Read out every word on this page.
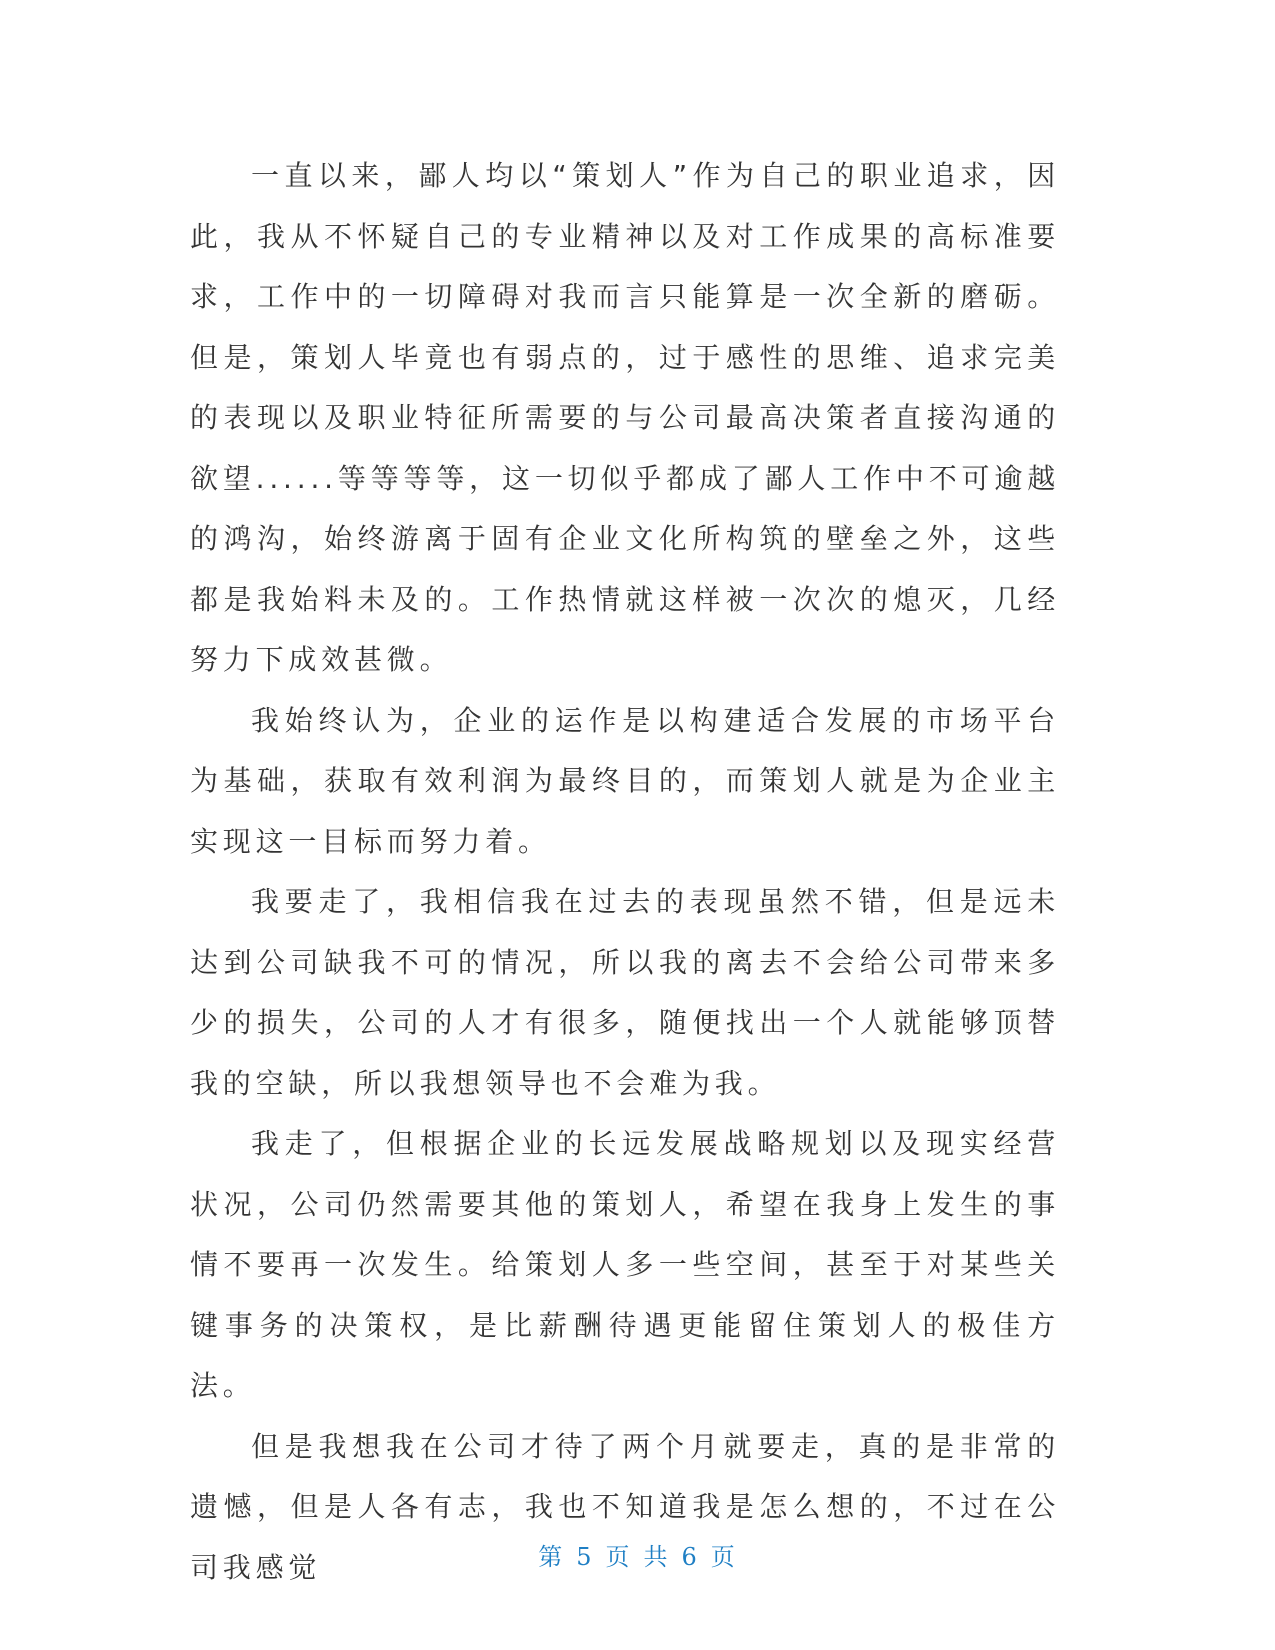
一直以来，鄙人均以“策划人”作为自己的职业追求，因此，我从不怀疑自己的专业精神以及对工作成果的高标准要求，工作中的一切障碍对我而言只能算是一次全新的磨砺。但是，策划人毕竟也有弱点的，过于感性的思维、追求完美的表现以及职业特征所需要的与公司最高决策者直接沟通的欲望......等等等等，这一切似乎都成了鄙人工作中不可逾越的鸿沟，始终游离于固有企业文化所构筑的壁垒之外，这些都是我始料未及的。工作热情就这样被一次次的熄灭，几经努力下成效甚微。

我始终认为，企业的运作是以构建适合发展的市场平台为基础，获取有效利润为最终目的，而策划人就是为企业主实现这一目标而努力着。

我要走了，我相信我在过去的表现虽然不错，但是远未达到公司缺我不可的情况，所以我的离去不会给公司带来多少的损失，公司的人才有很多，随便找出一个人就能够顶替我的空缺，所以我想领导也不会难为我。

我走了，但根据企业的长远发展战略规划以及现实经营状况，公司仍然需要其他的策划人，希望在我身上发生的事情不要再一次发生。给策划人多一些空间，甚至于对某些关键事务的决策权，是比薪酬待遇更能留住策划人的极佳方法。

但是我想我在公司才待了两个月就要走，真的是非常的遗憾，但是人各有志，我也不知道我是怎么想的，不过在公司我感觉	第 5 页 共 6 页
